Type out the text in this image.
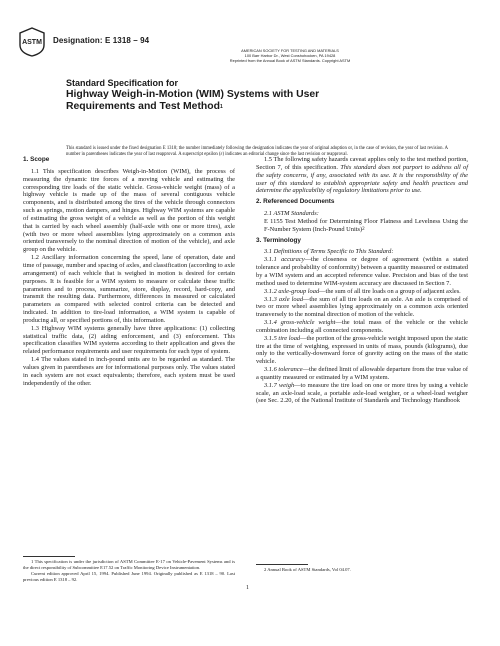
ASTM Designation: E 1318 – 94
AMERICAN SOCIETY FOR TESTING AND MATERIALS
100 Barr Harbor Dr., West Conshohocken, PA 19428
Reprinted from the Annual Book of ASTM Standards. Copyright ASTM
Standard Specification for
Highway Weigh-in-Motion (WIM) Systems with User
Requirements and Test Method$^1$
This standard is issued under the fixed designation E 1318; the number immediately following the designation indicates the year of original adoption or, in the case of revision, the year of last revision. A number in parentheses indicates the year of last reapproval. A superscript epsilon (ε) indicates an editorial change since the last revision or reapproval.
1. Scope

1.1 This specification describes Weigh-in-Motion (WIM), the process of measuring the dynamic tire forces of a moving vehicle and estimating the corresponding tire loads of the static vehicle. Gross-vehicle weight (mass) of a highway vehicle is made up of the mass of several contiguous vehicle components, and is distributed among the tires of the vehicle through connectors such as springs, motion dampers, and hinges. Highway WIM systems are capable of estimating the gross weight of a vehicle as well as the portion of this weight that is carried by each wheel assembly (half-axle with one or more tires), axle (with two or more wheel assemblies lying approximately on a common axis oriented transversely to the nominal direction of motion of the vehicle), and axle group on the vehicle.

1.2 Ancillary information concerning the speed, lane of operation, date and time of passage, number and spacing of axles, and classification (according to axle arrangement) of each vehicle that is weighed in motion is desired for certain purposes. It is feasible for a WIM system to measure or calculate these traffic parameters and to process, summarize, store, display, record, hard-copy, and transmit the resulting data. Furthermore, differences in measured or calculated parameters as compared with selected control criteria can be detected and indicated. In addition to tire-load information, a WIM system is capable of producing all, or specified portions of, this information.

1.3 Highway WIM systems generally have three applications: (1) collecting statistical traffic data, (2) aiding enforcement, and (3) enforcement. This specification classifies WIM systems according to their application and gives the related performance requirements and user requirements for each type of system.

1.4 The values stated in inch-pound units are to be regarded as standard. The values given in parentheses are for informational purposes only. The values stated in each system are not exact equivalents; therefore, each system must be used independently of the other.

1 This specification is under the jurisdiction of ASTM Committee E-17 on Vehicle-Pavement Systems and is the direct responsibility of Subcommittee E17.52 on Traffic Monitoring Device Instrumentation.
Current edition approved April 15, 1994. Published June 1994. Originally published as E 1318 – 90. Last previous edition E 1318 – 92.

1.5 The following safety hazards caveat applies only to the test method portion, Section 7, of this specification. This standard does not purport to address all of the safety concerns, if any, associated with its use. It is the responsibility of the user of this standard to establish appropriate safety and health practices and determine the applicability of regulatory limitations prior to use.

2. Referenced Documents

2.1 ASTM Standards:

E 1155 Test Method for Determining Floor Flatness and Levelness Using the F-Number System (Inch-Pound Units)$^2$

3. Terminology

3.1 Definitions of Terms Specific to This Standard:

3.1.1 accuracy—the closeness or degree of agreement (within a stated tolerance and probability of conformity) between a quantity measured or estimated by a WIM system and an accepted reference value. Precision and bias of the test method used to determine WIM-system accuracy are discussed in Section 7.

3.1.2 axle-group load—the sum of all tire loads on a group of adjacent axles.

3.1.3 axle load—the sum of all tire loads on an axle. An axle is comprised of two or more wheel assemblies lying approximately on a common axis oriented transversely to the nominal direction of motion of the vehicle.

3.1.4 gross-vehicle weight—the total mass of the vehicle or the vehicle combination including all connected components.

3.1.5 tire load—the portion of the gross-vehicle weight imposed upon the static tire at the time of weighing, expressed in units of mass, pounds (kilograms), due only to the vertically-downward force of gravity acting on the mass of the static vehicle.

3.1.6 tolerance—the defined limit of allowable departure from the true value of a quantity measured or estimated by a WIM system.

3.1.7 weigh—to measure the tire load on one or more tires by using a vehicle scale, an axle-load scale, a portable axle-load weigher, or a wheel-load weigher (see Sec. 2.20, of the National Institute of Standards and Technology Handbook

2 Annual Book of ASTM Standards, Vol 04.07.
1
